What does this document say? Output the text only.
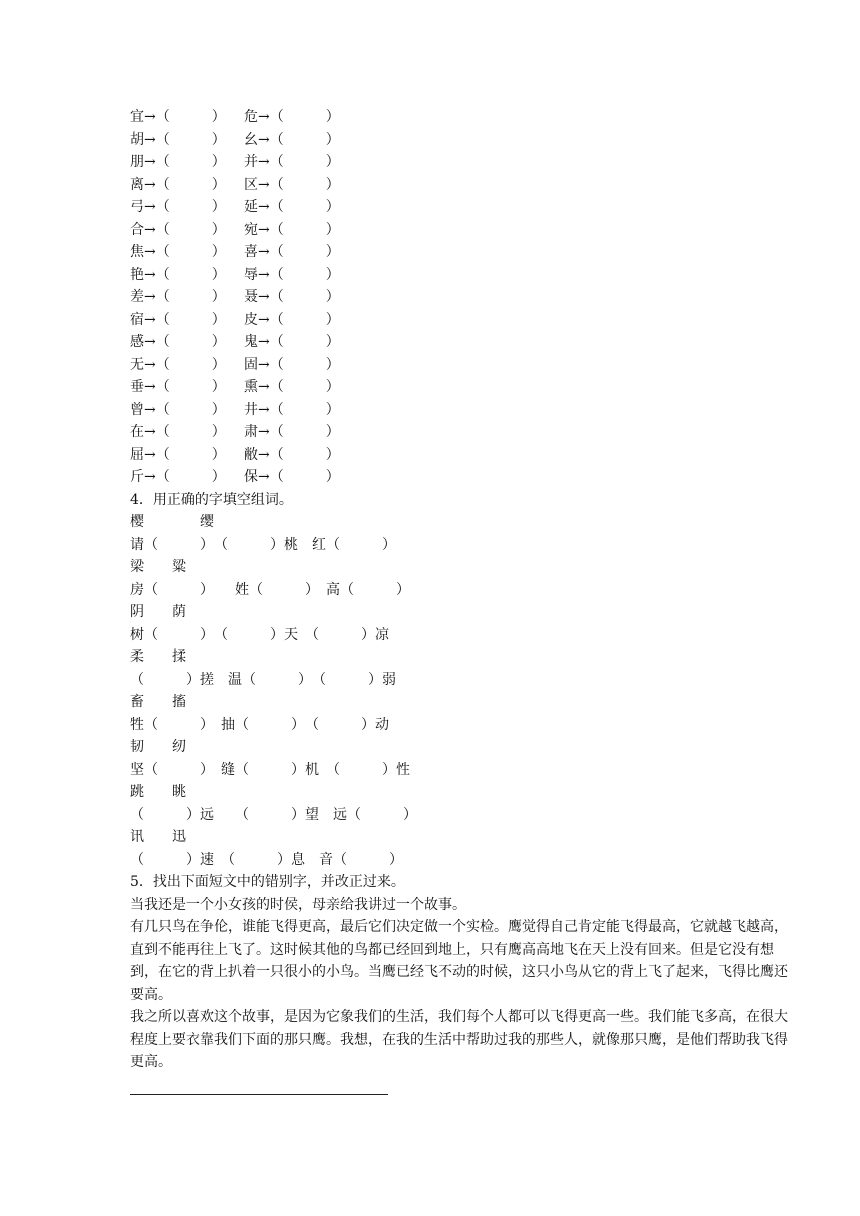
宜→（　　　） 危→（　　　）
胡→（　　　） 幺→（　　　）
朋→（　　　） 并→（　　　）
离→（　　　） 区→（　　　）
弓→（　　　） 延→（　　　）
合→（　　　） 宛→（　　　）
焦→（　　　） 喜→（　　　）
艳→（　　　） 辱→（　　　）
差→（　　　） 聂→（　　　）
宿→（　　　） 皮→（　　　）
感→（　　　） 鬼→（　　　）
无→（　　　） 固→（　　　）
垂→（　　　） 熏→（　　　）
曾→（　　　） 井→（　　　）
在→（　　　） 肃→（　　　）
屈→（　　　） 敝→（　　　）
斤→（　　　） 保→（　　　）

4．用正确的字填空组词。

樱　　　　缨

请（　　　）　（　　　）桃　红（　　　）

梁　　粱

房（　　　）　　姓（　　　）　高（　　　）

阴　　荫

树（　　　）　（　　　）天　（　　　）凉

柔　　揉

（　　　）搓　温（　　　）　（　　　）弱

畜　　搐

牲（　　　）　抽（　　　）　（　　　）动

韧　　纫

坚（　　　）　缝（　　　）机　（　　　）性

跳　　眺

（　　　）远　　（　　　）望　远（　　　）

讯　　迅

（　　　）速　（　　　）息　音（　　　）

5．找出下面短文中的错别字，并改正过来。

当我还是一个小女孩的时侯，母亲给我讲过一个故事。

有几只鸟在争伦，谁能飞得更高，最后它们决定做一个实检。鹰觉得自己肯定能飞得最高，它就越飞越高，直到不能再往上飞了。这时候其他的鸟都已经回到地上，只有鹰高高地飞在天上没有回来。但是它没有想到，在它的背上扒着一只很小的小鸟。当鹰已经飞不动的时候，这只小鸟从它的背上飞了起来，飞得比鹰还要高。

我之所以喜欢这个故事，是因为它象我们的生活，我们每个人都可以飞得更高一些。我们能飞多高，在很大程度上要衣靠我们下面的那只鹰。我想，在我的生活中帮助过我的那些人，就像那只鹰，是他们帮助我飞得更高。
